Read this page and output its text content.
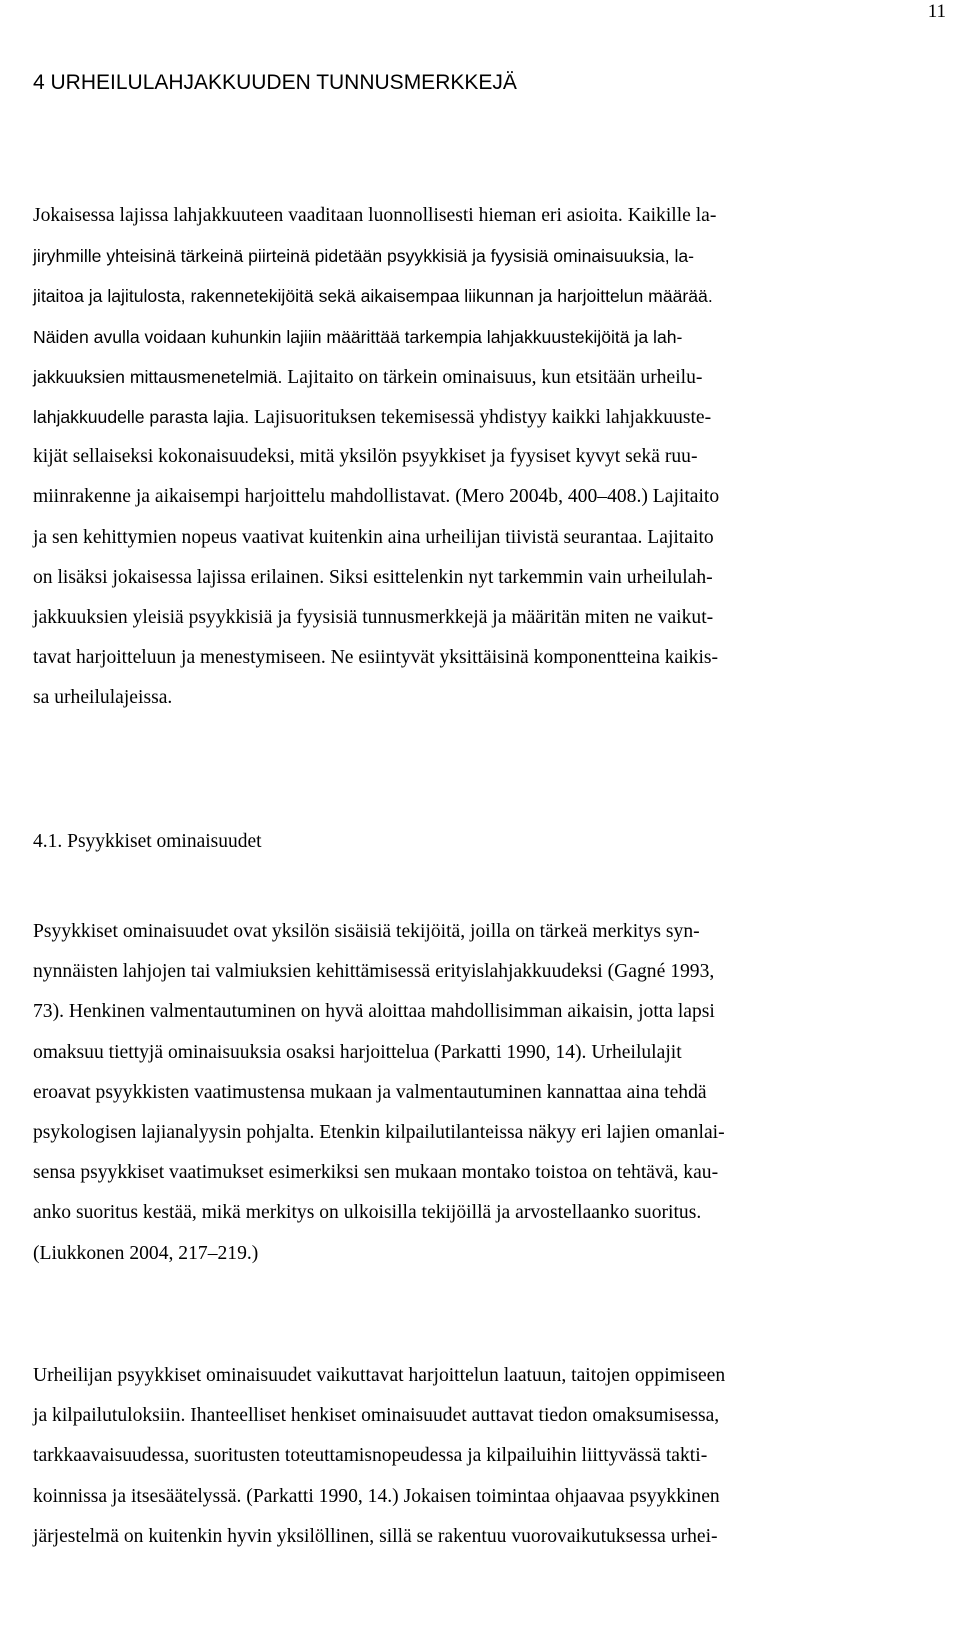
11
4 URHEILULAHJAKKUUDEN TUNNUSMERKKEJÄ
Jokaisessa lajissa lahjakkuuteen vaaditaan luonnollisesti hieman eri asioita. Kaikille la-
jiryhmille yhteisinä tärkeinä piirteinä pidetään psyykkisiä ja fyysisiä ominaisuuksia, la-
jitaitoa ja lajitulosta, rakennetekijöitä sekä aikaisempaa liikunnan ja harjoittelun määrää.
Näiden avulla voidaan kuhunkin lajiin määrittää tarkempia lahjakkuustekijöitä ja lah-
jakkuuksien mittausmenetelmiä. Lajitaito on tärkein ominaisuus, kun etsitään urheilu-
lahjakkuudelle parasta lajia. Lajisuorituksen tekemisessä yhdistyy kaikki lahjakkuuste-
kijät sellaiseksi kokonaisuudeksi, mitä yksilön psyykkiset ja fyysiset kyvyt sekä ruu-
miinrakenne ja aikaisempi harjoittelu mahdollistavat. (Mero 2004b, 400–408.) Lajitaito
ja sen kehittymien nopeus vaativat kuitenkin aina urheilijan tiivistä seurantaa. Lajitaito
on lisäksi jokaisessa lajissa erilainen. Siksi esittelenkin nyt tarkemmin vain urheilulah-
jakkuuksien yleisiä psyykkisiä ja fyysisiä tunnusmerkkejä ja määritän miten ne vaikut-
tavat harjoitteluun ja menestymiseen. Ne esiintyvät yksittäisinä komponentteina kaikis-
sa urheilulajeissa.
4.1. Psyykkiset ominaisuudet
Psyykkiset ominaisuudet ovat yksilön sisäisiä tekijöitä, joilla on tärkeä merkitys syn-
nynnäisten lahjojen tai valmiuksien kehittämisessä erityislahjakkuudeksi (Gagné 1993,
73). Henkinen valmentautuminen on hyvä aloittaa mahdollisimman aikaisin, jotta lapsi
omaksuu tiettyjä ominaisuuksia osaksi harjoittelua (Parkatti 1990, 14). Urheilulajit
eroavat psyykkisten vaatimustensa mukaan ja valmentautuminen kannattaa aina tehdä
psykologisen lajianalyysin pohjalta. Etenkin kilpailutilanteissa näkyy eri lajien omanlai-
sensa psyykkiset vaatimukset esimerkiksi sen mukaan montako toistoa on tehtävä, kau-
anko suoritus kestää, mikä merkitys on ulkoisilla tekijöillä ja arvostellaanko suoritus.
(Liukkonen 2004, 217–219.)
Urheilijan psyykkiset ominaisuudet vaikuttavat harjoittelun laatuun, taitojen oppimiseen
ja kilpailutuloksiin. Ihanteelliset henkiset ominaisuudet auttavat tiedon omaksumisessa,
tarkkaavaisuudessa, suoritusten toteuttamisnopeudessa ja kilpailuihin liittyvässä takti-
koinnissa ja itsesäätelyssä. (Parkatti 1990, 14.) Jokaisen toimintaa ohjaavaa psyykkinen
järjestelmä on kuitenkin hyvin yksilöllinen, sillä se rakentuu vuorovaikutuksessa urhei-
